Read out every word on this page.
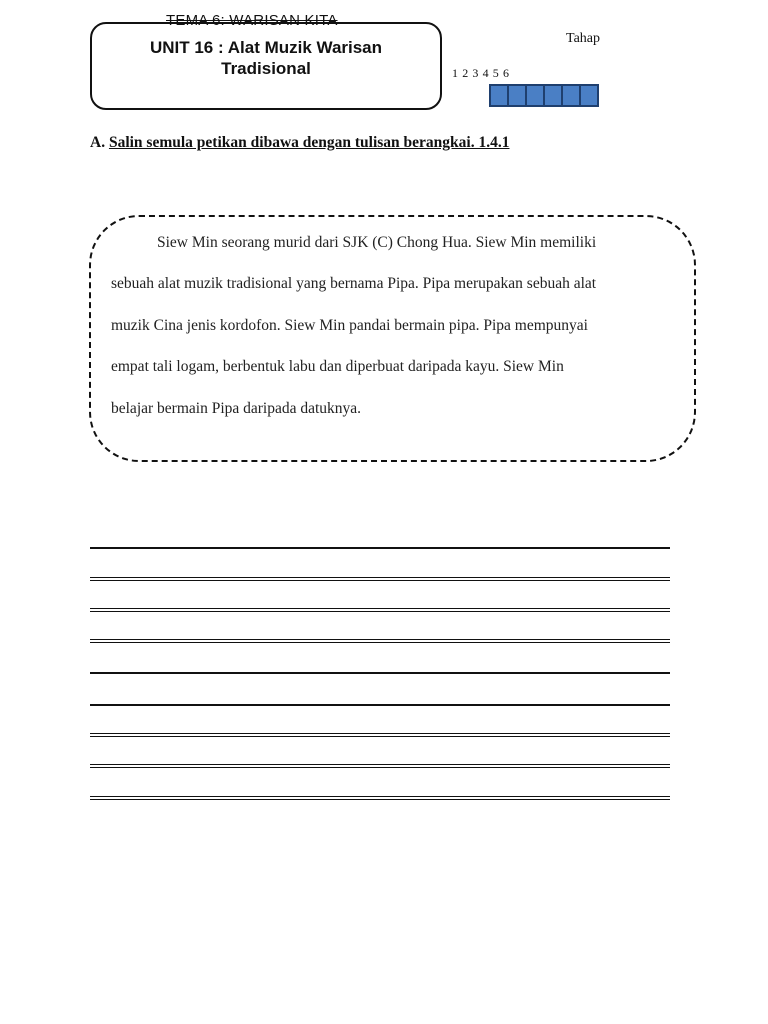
TEMA 6: WARISAN KITA
UNIT 16 : Alat Muzik Warisan
Tradisional
Tahap
1 2 3 4 5 6
A. Salin semula petikan dibawa dengan tulisan berangkai. 1.4.1
Siew Min seorang murid dari SJK (C) Chong Hua. Siew Min memiliki
sebuah alat muzik tradisional yang bernama Pipa. Pipa merupakan sebuah alat
muzik Cina jenis kordofon. Siew Min pandai bermain pipa. Pipa mempunyai
empat tali logam, berbentuk labu dan diperbuat daripada kayu. Siew Min
belajar bermain Pipa daripada datuknya.
